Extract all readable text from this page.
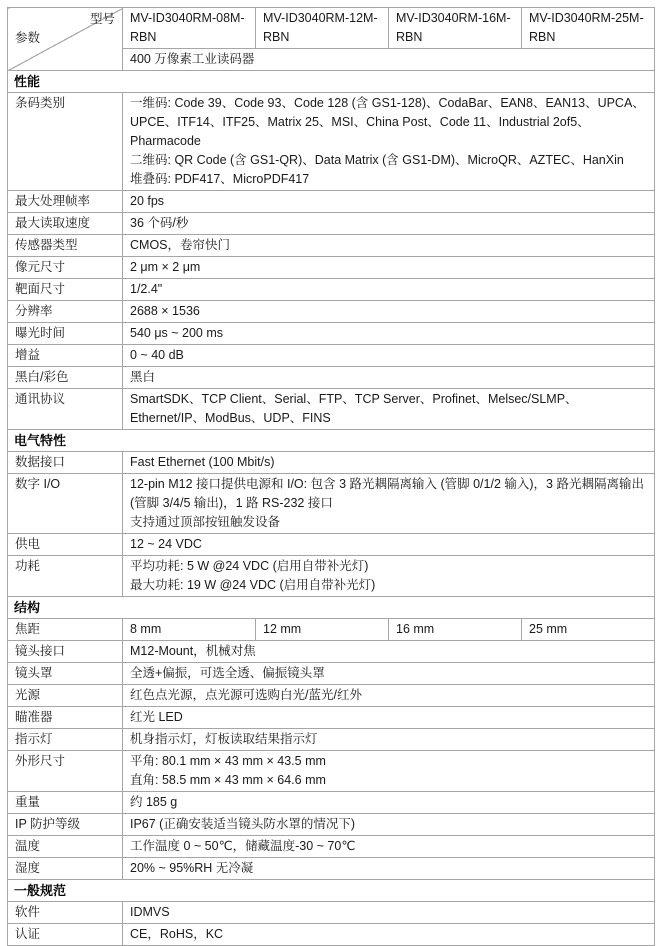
型号
参数	MV-ID3040RM-08M-RBN	MV-ID3040RM-12M-RBN	MV-ID3040RM-16M-RBN	MV-ID3040RM-25M-RBN
	400 万像素工业读码器			
性能				
条码类别	一维码: Code 39、Code 93、Code 128 (含 GS1-128)、CodaBar、EAN8、EAN13、UPCA、UPCE、ITF14、ITF25、Matrix 25、MSI、China Post、Code 11、Industrial 2of5、Pharmacode
二维码: QR Code (含 GS1-QR)、Data Matrix (含 GS1-DM)、MicroQR、AZTEC、HanXin
堆叠码: PDF417、MicroPDF417			

最大处理帧率	20 fps			
最大读取速度	36 个码/秒			
传感器类型	CMOS，卷帘快门			
像元尺寸	2 μm × 2 μm			
靶面尺寸	1/2.4"			
分辨率	2688 × 1536			
曝光时间	540 μs ~ 200 ms			
增益	0 ~ 40 dB			
黑白/彩色	黑白			
通讯协议	SmartSDK、TCP Client、Serial、FTP、TCP Server、Profinet、Melsec/SLMP、Ethernet/IP、ModBus、UDP、FINS			
电气特性				
数据接口	Fast Ethernet (100 Mbit/s)			
数字 I/O	12-pin M12 接口提供电源和 I/O: 包含 3 路光耦隔离输入 (管脚 0/1/2 输入)，3 路光耦隔离输出 (管脚 3/4/5 输出)，1 路 RS-232 接口
支持通过顶部按钮触发设备			

供电	12 ~ 24 VDC			
功耗	平均功耗: 5 W @24 VDC (启用自带补光灯)
最大功耗: 19 W @24 VDC (启用自带补光灯)			

结构				
焦距	8 mm	12 mm	16 mm	25 mm
镜头接口	M12-Mount，机械对焦			
镜头罩	全透+偏振，可选全透、偏振镜头罩			
光源	红色点光源，点光源可选购白光/蓝光/红外			
瞄准器	红光 LED			
指示灯	机身指示灯，灯板读取结果指示灯			
外形尺寸	平角: 80.1 mm × 43 mm × 43.5 mm
直角: 58.5 mm × 43 mm × 64.6 mm			

重量	约 185 g			
IP 防护等级	IP67 (正确安装适当镜头防水罩的情况下)			
温度	工作温度 0 ~ 50℃，储藏温度-30 ~ 70℃			
湿度	20% ~ 95%RH 无冷凝			
一般规范				
软件	IDMVS			
认证	CE，RoHS，KC			
